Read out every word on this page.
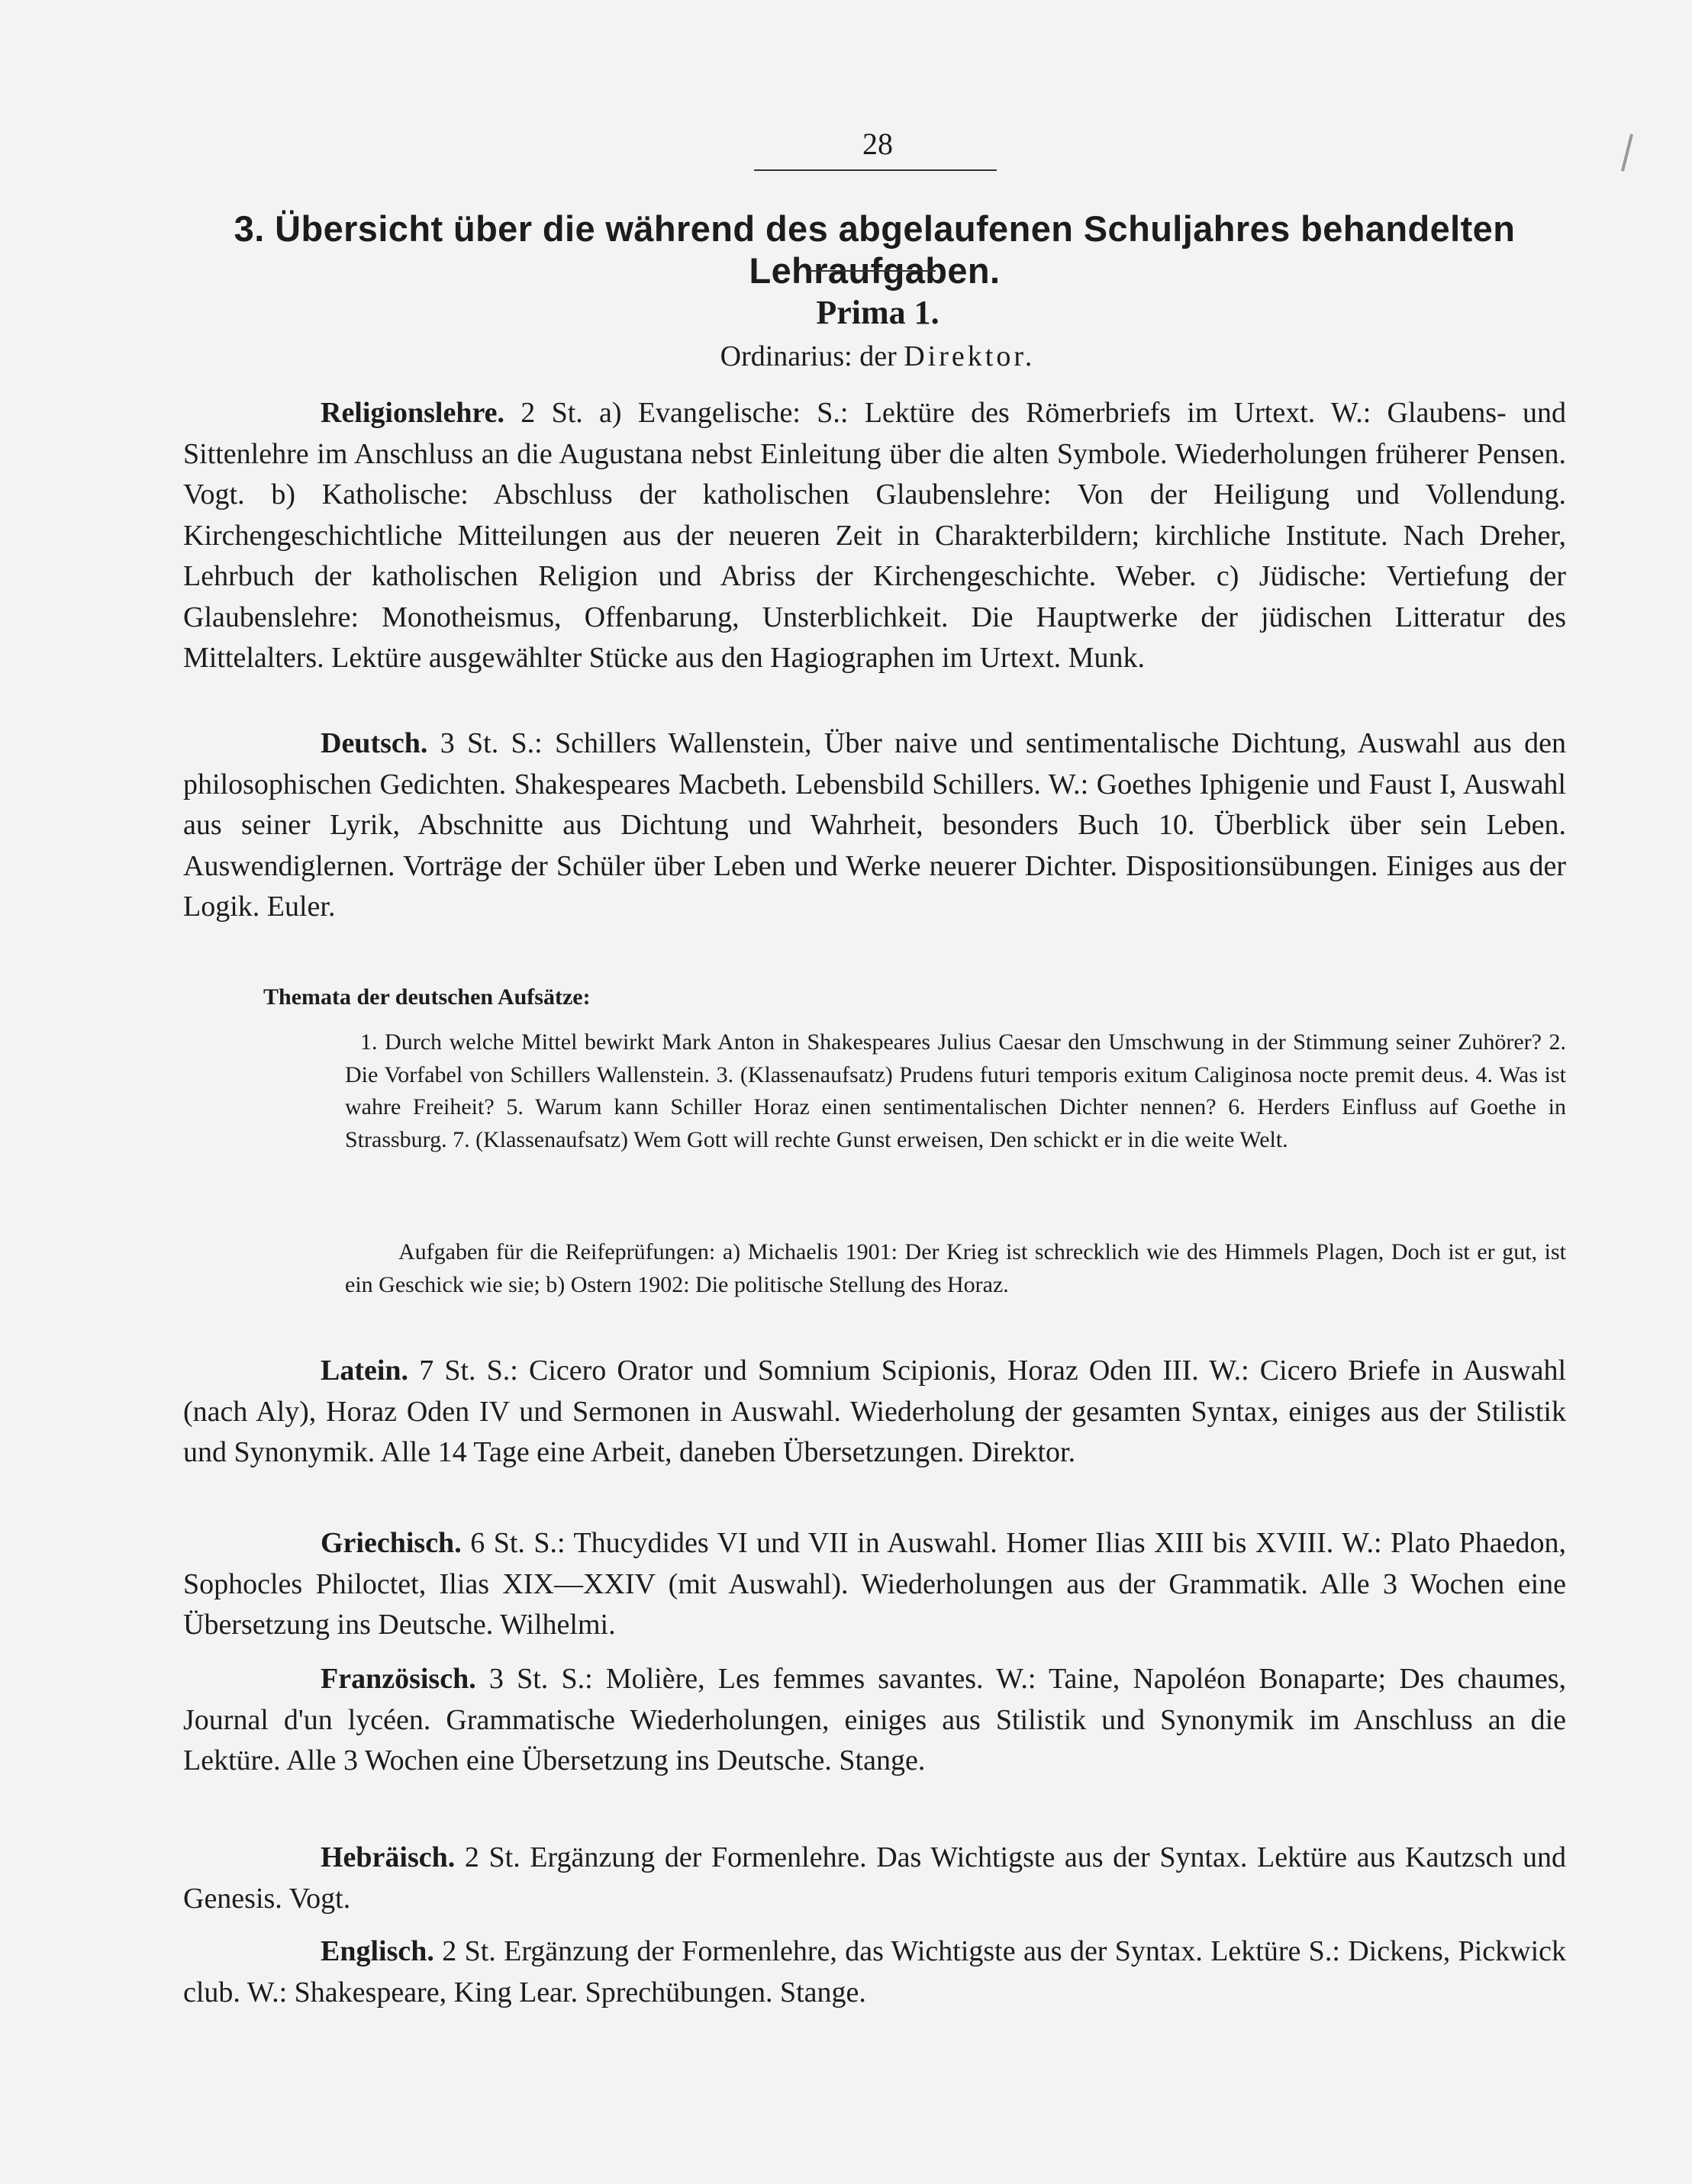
28
3. Übersicht über die während des abgelaufenen Schuljahres behandelten Lehraufgaben.
Prima 1.
Ordinarius: der Direktor.
Religionslehre. 2 St. a) Evangelische: S.: Lektüre des Römerbriefs im Urtext. W.: Glaubens- und Sittenlehre im Anschluss an die Augustana nebst Einleitung über die alten Symbole. Wiederholungen früherer Pensen. Vogt. b) Katholische: Abschluss der katholischen Glaubenslehre: Von der Heiligung und Vollendung. Kirchengeschichtliche Mitteilungen aus der neueren Zeit in Charakterbildern; kirchliche Institute. Nach Dreher, Lehrbuch der katholischen Religion und Abriss der Kirchengeschichte. Weber. c) Jüdische: Vertiefung der Glaubenslehre: Monotheismus, Offenbarung, Unsterblichkeit. Die Hauptwerke der jüdischen Litteratur des Mittelalters. Lektüre ausgewählter Stücke aus den Hagiographen im Urtext. Munk.
Deutsch. 3 St. S.: Schillers Wallenstein, Über naive und sentimentalische Dichtung, Auswahl aus den philosophischen Gedichten. Shakespeares Macbeth. Lebensbild Schillers. W.: Goethes Iphigenie und Faust I, Auswahl aus seiner Lyrik, Abschnitte aus Dichtung und Wahrheit, besonders Buch 10. Überblick über sein Leben. Auswendiglernen. Vorträge der Schüler über Leben und Werke neuerer Dichter. Dispositionsübungen. Einiges aus der Logik. Euler.
Themata der deutschen Aufsätze:
1. Durch welche Mittel bewirkt Mark Anton in Shakespeares Julius Caesar den Umschwung in der Stimmung seiner Zuhörer? 2. Die Vorfabel von Schillers Wallenstein. 3. (Klassenaufsatz) Prudens futuri temporis exitum Caliginosa nocte premit deus. 4. Was ist wahre Freiheit? 5. Warum kann Schiller Horaz einen sentimentalischen Dichter nennen? 6. Herders Einfluss auf Goethe in Strassburg. 7. (Klassenaufsatz) Wem Gott will rechte Gunst erweisen, Den schickt er in die weite Welt.
Aufgaben für die Reifeprüfungen: a) Michaelis 1901: Der Krieg ist schrecklich wie des Himmels Plagen, Doch ist er gut, ist ein Geschick wie sie; b) Ostern 1902: Die politische Stellung des Horaz.
Latein. 7 St. S.: Cicero Orator und Somnium Scipionis, Horaz Oden III. W.: Cicero Briefe in Auswahl (nach Aly), Horaz Oden IV und Sermonen in Auswahl. Wiederholung der gesamten Syntax, einiges aus der Stilistik und Synonymik. Alle 14 Tage eine Arbeit, daneben Übersetzungen. Direktor.
Griechisch. 6 St. S.: Thucydides VI und VII in Auswahl. Homer Ilias XIII bis XVIII. W.: Plato Phaedon, Sophocles Philoctet, Ilias XIX—XXIV (mit Auswahl). Wiederholungen aus der Grammatik. Alle 3 Wochen eine Übersetzung ins Deutsche. Wilhelmi.
Französisch. 3 St. S.: Molière, Les femmes savantes. W.: Taine, Napoléon Bonaparte; Des chaumes, Journal d'un lycéen. Grammatische Wiederholungen, einiges aus Stilistik und Synonymik im Anschluss an die Lektüre. Alle 3 Wochen eine Übersetzung ins Deutsche. Stange.
Hebräisch. 2 St. Ergänzung der Formenlehre. Das Wichtigste aus der Syntax. Lektüre aus Kautzsch und Genesis. Vogt.
Englisch. 2 St. Ergänzung der Formenlehre, das Wichtigste aus der Syntax. Lektüre S.: Dickens, Pickwick club. W.: Shakespeare, King Lear. Sprechübungen. Stange.
